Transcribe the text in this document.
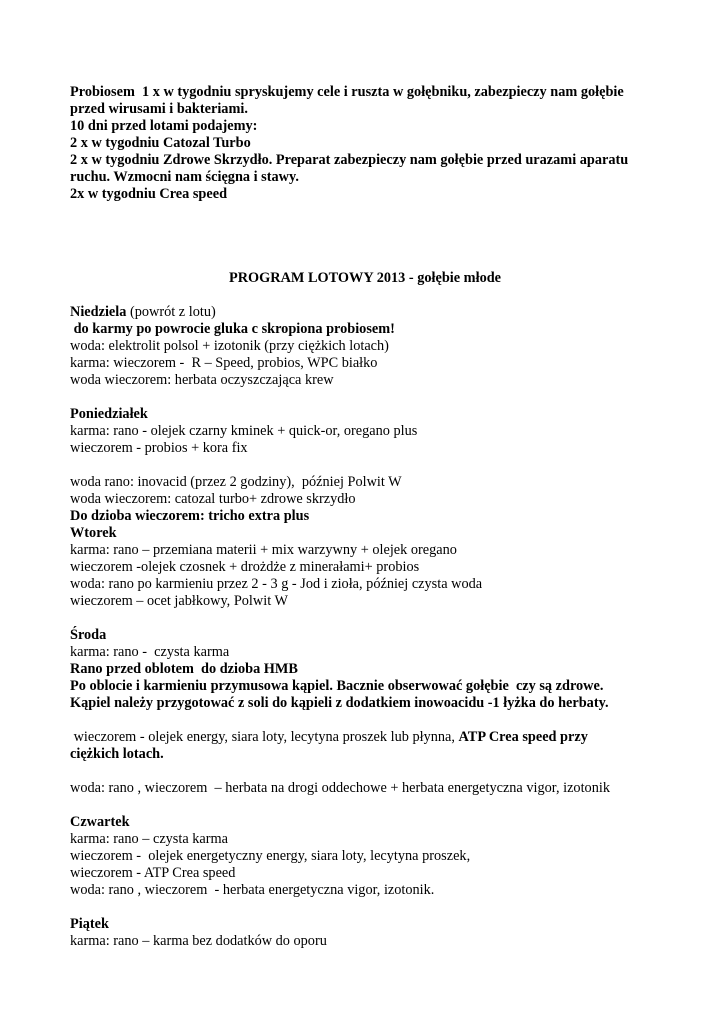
Probiosem  1 x w tygodniu spryskujemy cele i ruszta w gołębniku, zabezpieczy nam gołębie

przed wirusami i bakteriami.

10 dni przed lotami podajemy:

2 x w tygodniu Catozal Turbo

2 x w tygodniu Zdrowe Skrzydło. Preparat zabezpieczy nam gołębie przed urazami aparatu

ruchu. Wzmocni nam ścięgna i stawy.

2x w tygodniu Crea speed

PROGRAM LOTOWY 2013 - gołębie młode

Niedziela (powrót z lotu)

do karmy po powrocie gluka c skropiona probiosem!

woda: elektrolit polsol + izotonik (przy ciężkich lotach)

karma: wieczorem -  R – Speed, probios, WPC białko

woda wieczorem: herbata oczyszczająca krew

Poniedziałek

karma: rano - olejek czarny kminek + quick-or, oregano plus

wieczorem - probios + kora fix

woda rano: inovacid (przez 2 godziny),  później Polwit W

woda wieczorem: catozal turbo+ zdrowe skrzydło

Do dzioba wieczorem: tricho extra plus

Wtorek

karma: rano – przemiana materii + mix warzywny + olejek oregano

wieczorem -olejek czosnek + drożdże z minerałami+ probios

woda: rano po karmieniu przez 2 - 3 g - Jod i zioła, później czysta woda

wieczorem – ocet jabłkowy, Polwit W

Środa

karma: rano -  czysta karma

Rano przed oblotem  do dzioba HMB

Po oblocie i karmieniu przymusowa kąpiel. Bacznie obserwować gołębie  czy są zdrowe.

Kąpiel należy przygotować z soli do kąpieli z dodatkiem inowoacidu -1 łyżka do herbaty.

wieczorem - olejek energy, siara loty, lecytyna proszek lub płynna, ATP Crea speed przy

ciężkich lotach.

woda: rano , wieczorem  – herbata na drogi oddechowe + herbata energetyczna vigor, izotonik

Czwartek

karma: rano – czysta karma

wieczorem -  olejek energetyczny energy, siara loty, lecytyna proszek,

wieczorem - ATP Crea speed

woda: rano , wieczorem  - herbata energetyczna vigor, izotonik.

Piątek

karma: rano – karma bez dodatków do oporu
